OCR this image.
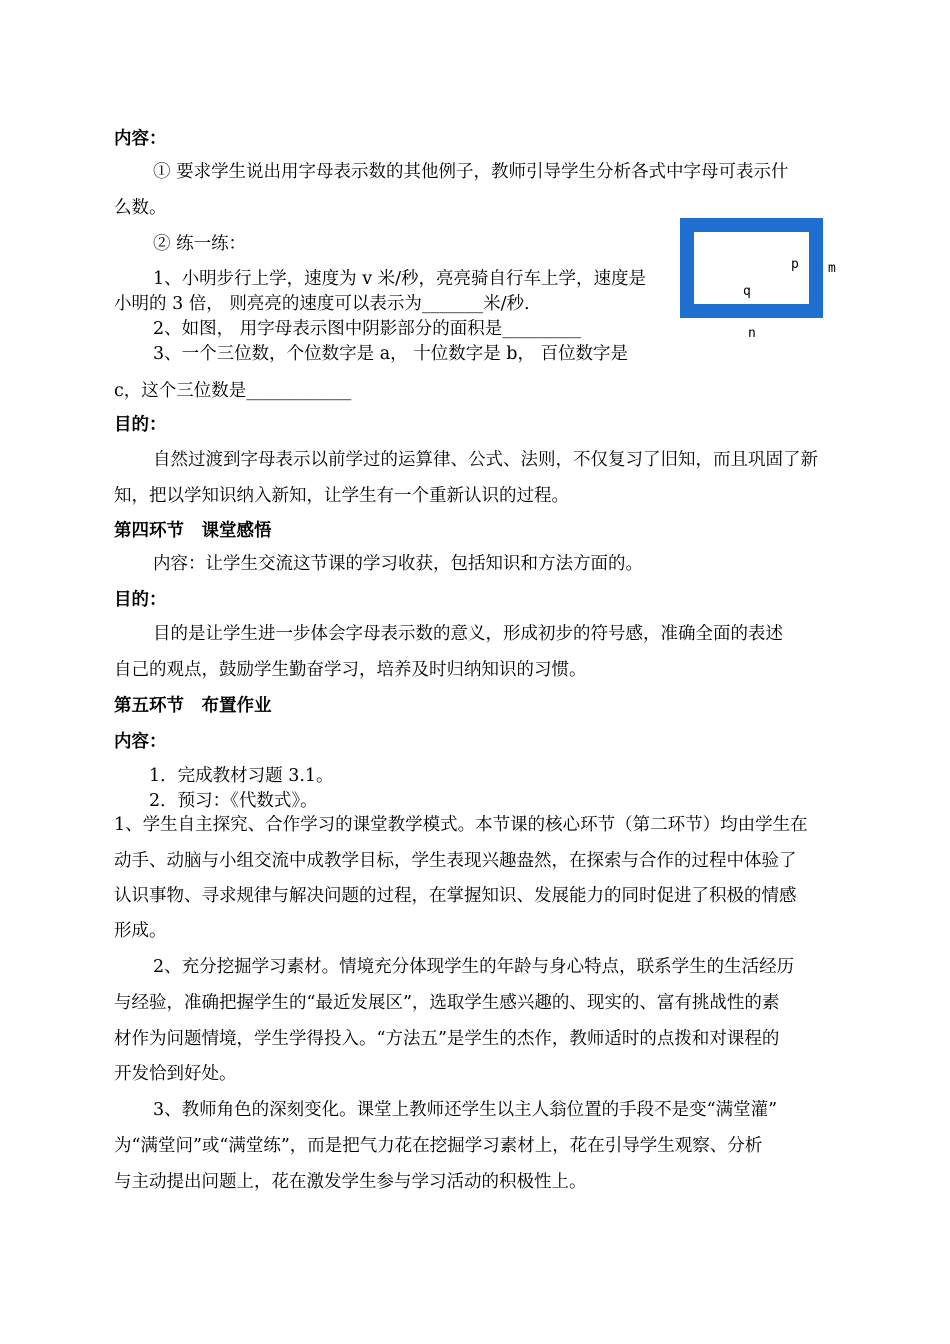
内容：
① 要求学生说出用字母表示数的其他例子，教师引导学生分析各式中字母可表示什
么数。
② 练一练：
1、小明步行上学，速度为 v 米/秒，亮亮骑自行车上学，速度是
小明的 3 倍， 则亮亮的速度可以表示为_______米/秒.
2、如图， 用字母表示图中阴影部分的面积是_________
3、一个三位数，个位数字是 a， 十位数字是 b， 百位数字是
c，这个三位数是____________
目的：
自然过渡到字母表示以前学过的运算律、公式、法则，不仅复习了旧知，而且巩固了新
知，把以学知识纳入新知，让学生有一个重新认识的过程。
第四环节　课堂感悟
内容：让学生交流这节课的学习收获，包括知识和方法方面的。
目的：
目的是让学生进一步体会字母表示数的意义，形成初步的符号感，准确全面的表述
自己的观点，鼓励学生勤奋学习，培养及时归纳知识的习惯。
第五环节　布置作业
内容：
1．完成教材习题 3.1。
2．预习：《代数式》。
1、学生自主探究、合作学习的课堂教学模式。本节课的核心环节（第二环节）均由学生在
动手、动脑与小组交流中成教学目标，学生表现兴趣盎然，在探索与合作的过程中体验了
认识事物、寻求规律与解决问题的过程，在掌握知识、发展能力的同时促进了积极的情感
形成。
2、充分挖掘学习素材。情境充分体现学生的年龄与身心特点，联系学生的生活经历
与经验，准确把握学生的“最近发展区”，选取学生感兴趣的、现实的、富有挑战性的素
材作为问题情境，学生学得投入。“方法五”是学生的杰作，教师适时的点拨和对课程的
开发恰到好处。
3、教师角色的深刻变化。课堂上教师还学生以主人翁位置的手段不是变“满堂灌”
为“满堂问”或“满堂练”，而是把气力花在挖掘学习素材上，花在引导学生观察、分析
与主动提出问题上，花在激发学生参与学习活动的积极性上。
p
q
m
n
